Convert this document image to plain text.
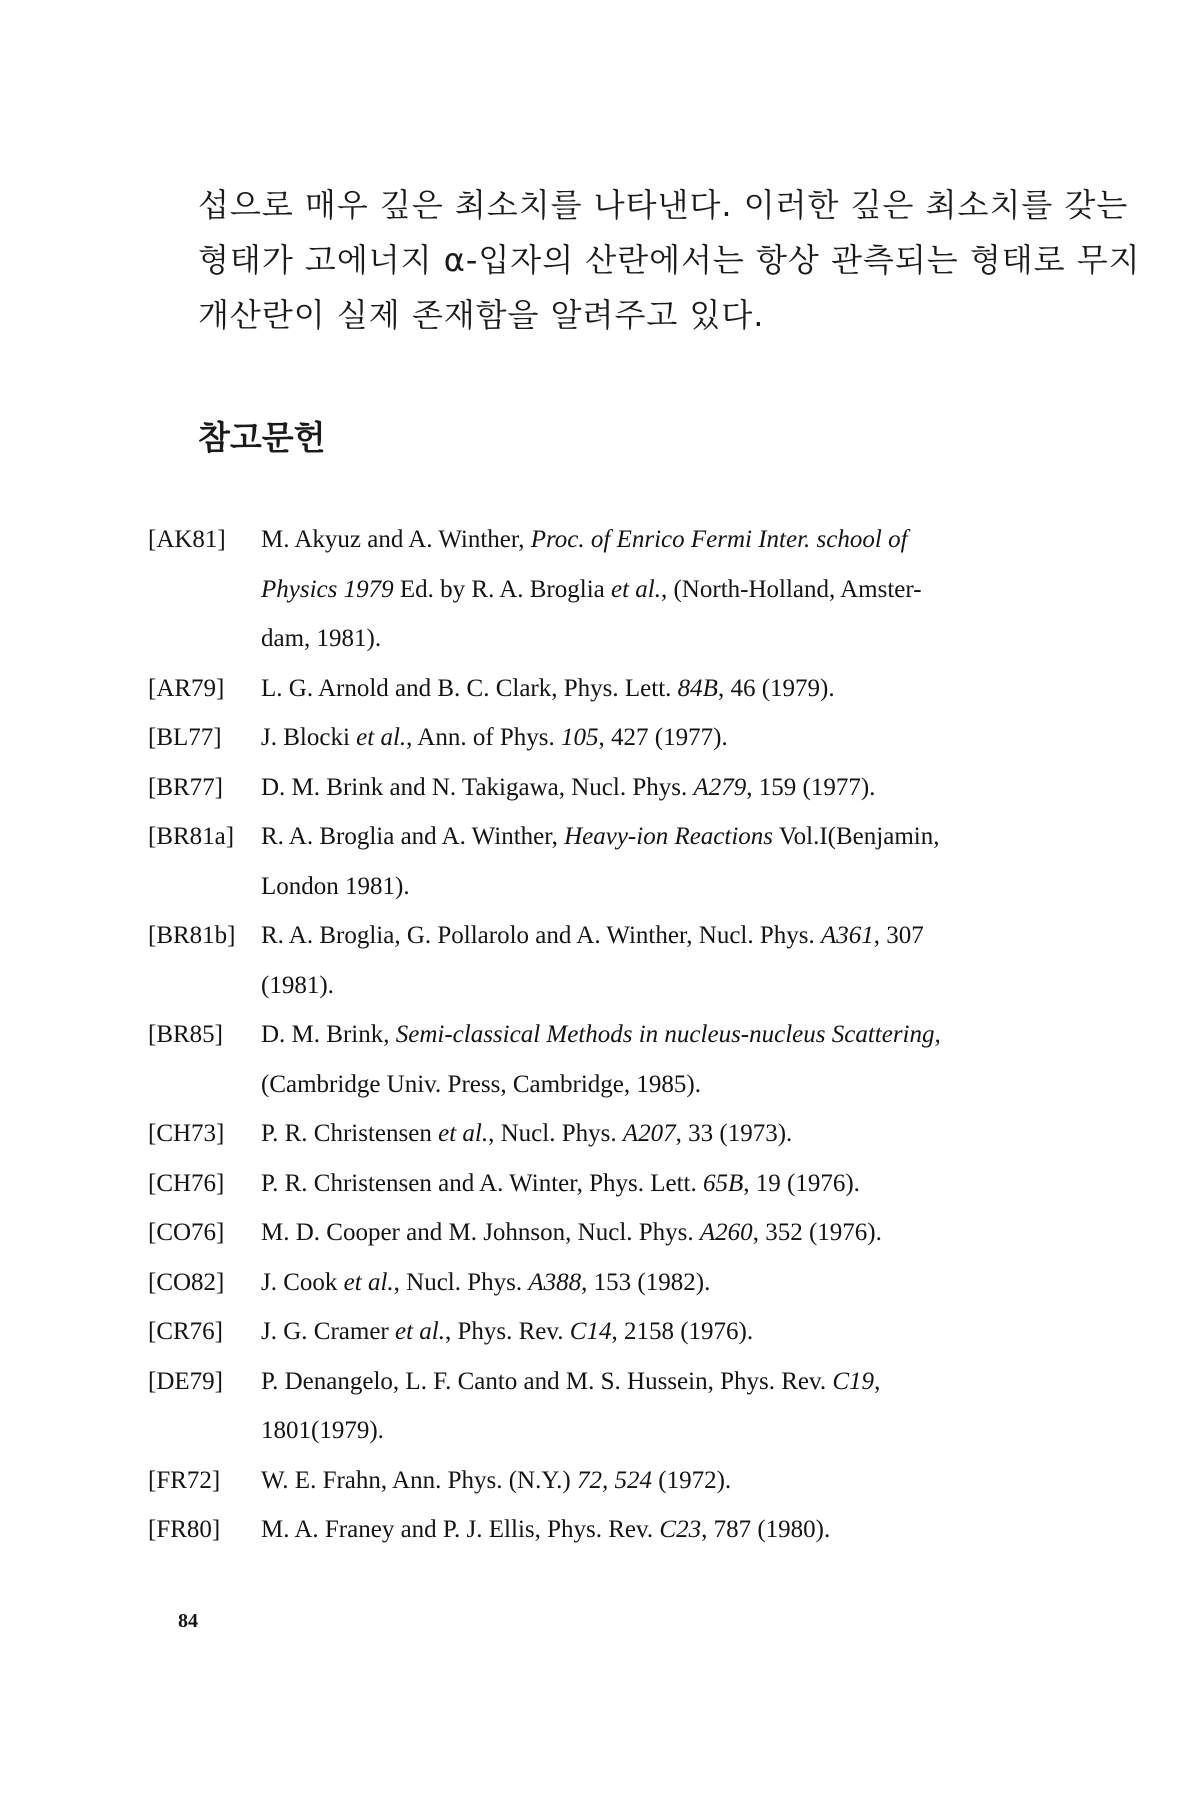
섭으로 매우 깊은 최소치를 나타낸다. 이러한 깊은 최소치를 갖는
형태가 고에너지 α-입자의 산란에서는 항상 관측되는 형태로 무지
개산란이 실제 존재함을 알려주고 있다.
참고문헌
[AK81]	M. Akyuz and A. Winther, Proc. of Enrico Fermi Inter. school of
Physics 1979 Ed. by R. A. Broglia et al., (North-Holland, Amster-
dam, 1981).
[AR79]	L. G. Arnold and B. C. Clark, Phys. Lett. 84B, 46 (1979).
[BL77]	J. Blocki et al., Ann. of Phys. 105, 427 (1977).
[BR77]	D. M. Brink and N. Takigawa, Nucl. Phys. A279, 159 (1977).
[BR81a]	R. A. Broglia and A. Winther, Heavy-ion Reactions Vol.I(Benjamin,
London 1981).
[BR81b]	R. A. Broglia, G. Pollarolo and A. Winther, Nucl. Phys. A361, 307
(1981).
[BR85]	D. M. Brink, Semi-classical Methods in nucleus-nucleus Scattering,
(Cambridge Univ. Press, Cambridge, 1985).
[CH73]	P. R. Christensen et al., Nucl. Phys. A207, 33 (1973).
[CH76]	P. R. Christensen and A. Winter, Phys. Lett. 65B, 19 (1976).
[CO76]	M. D. Cooper and M. Johnson, Nucl. Phys. A260, 352 (1976).
[CO82]	J. Cook et al., Nucl. Phys. A388, 153 (1982).
[CR76]	J. G. Cramer et al., Phys. Rev. C14, 2158 (1976).
[DE79]	P. Denangelo, L. F. Canto and M. S. Hussein, Phys. Rev. C19,
1801(1979).
[FR72]	W. E. Frahn, Ann. Phys. (N.Y.) 72, 524 (1972).
[FR80]	M. A. Franey and P. J. Ellis, Phys. Rev. C23, 787 (1980).
84
